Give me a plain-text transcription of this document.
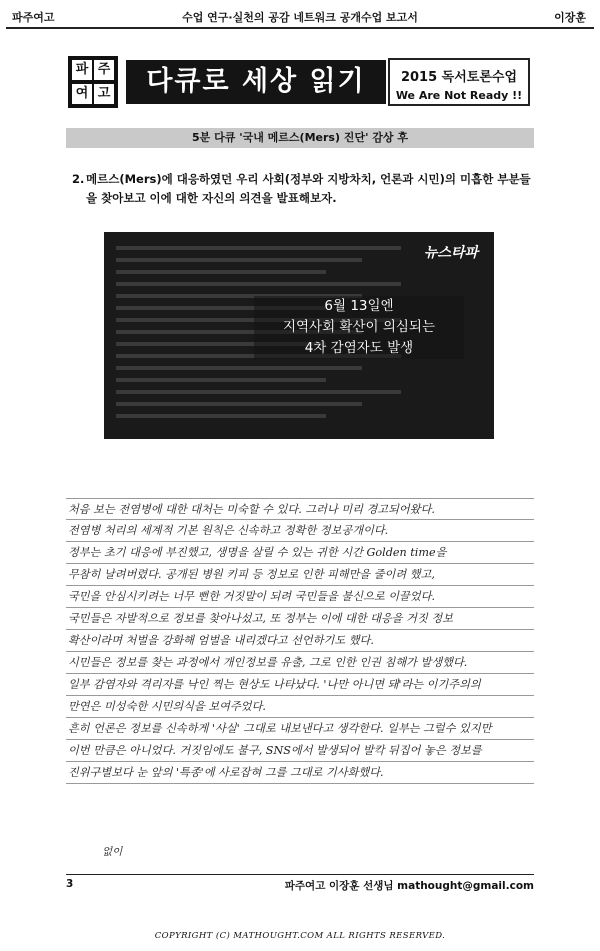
파주여고	수업 연구·실천의 공감 네트워크 공개수업 보고서	이장훈
파 주
여 고	다큐로 세상 읽기	2015 독서토론수업
We Are Not Ready !!
5분 다큐 '국내 메르스(Mers) 진단' 감상 후
2. 메르스(Mers)에 대응하였던 우리 사회(정부와 지방차치, 언론과 시민)의 미흡한 부분들을 찾아보고 이에 대한 자신의 의견을 발표해보자.
뉴스타파
6월 13일엔
지역사회 확산이 의심되는
4차 감염자도 발생
처음 보는 전염병에 대한 대처는 미숙할 수 있다. 그러나 미리 경고되어왔다.
전염병 처리의 세계적 기본 원칙은 신속하고 정확한 정보공개이다.
정부는 초기 대응에 부진했고, 생명을 살릴 수 있는 귀한 시간 Golden time을
무참히 날려버렸다. 공개된 병원 키피 등 정보로 인한 피해만을 줄이려 했고,
국민을 안심시키려는 너무 뻔한 거짓말이 되려 국민들을 불신으로 이끌었다.
국민들은 자발적으로 정보를 찾아나섰고, 또 정부는 이에 대한 대응을 거짓 정보
확산이라며 처벌을 강화해 엄벌을 내리겠다고 선언하기도 했다.
시민들은 정보를 찾는 과정에서 개인정보를 유출, 그로 인한 인권 침해가 발생했다.
일부 감염자와 격리자를 낙인 찍는 현상도 나타났다. '나만 아니면 돼'라는 이기주의의
만연은 미성숙한 시민의식을 보여주었다.
흔히 언론은 정보를 신속하게 '사실' 그대로 내보낸다고 생각한다. 일부는 그럴수 있지만
이번 만큼은 아니었다. 거짓임에도 불구, SNS에서 발생되어 발칵 뒤집어 놓은 정보를
진위구별보다 눈 앞의 '특종'에 사로잡혀 그를 그대로 기사화했다.
없이
3	파주여고 이장훈 선생님 mathought@gmail.com
COPYRIGHT (C) MATHOUGHT.COM ALL RIGHTS RESERVED.
